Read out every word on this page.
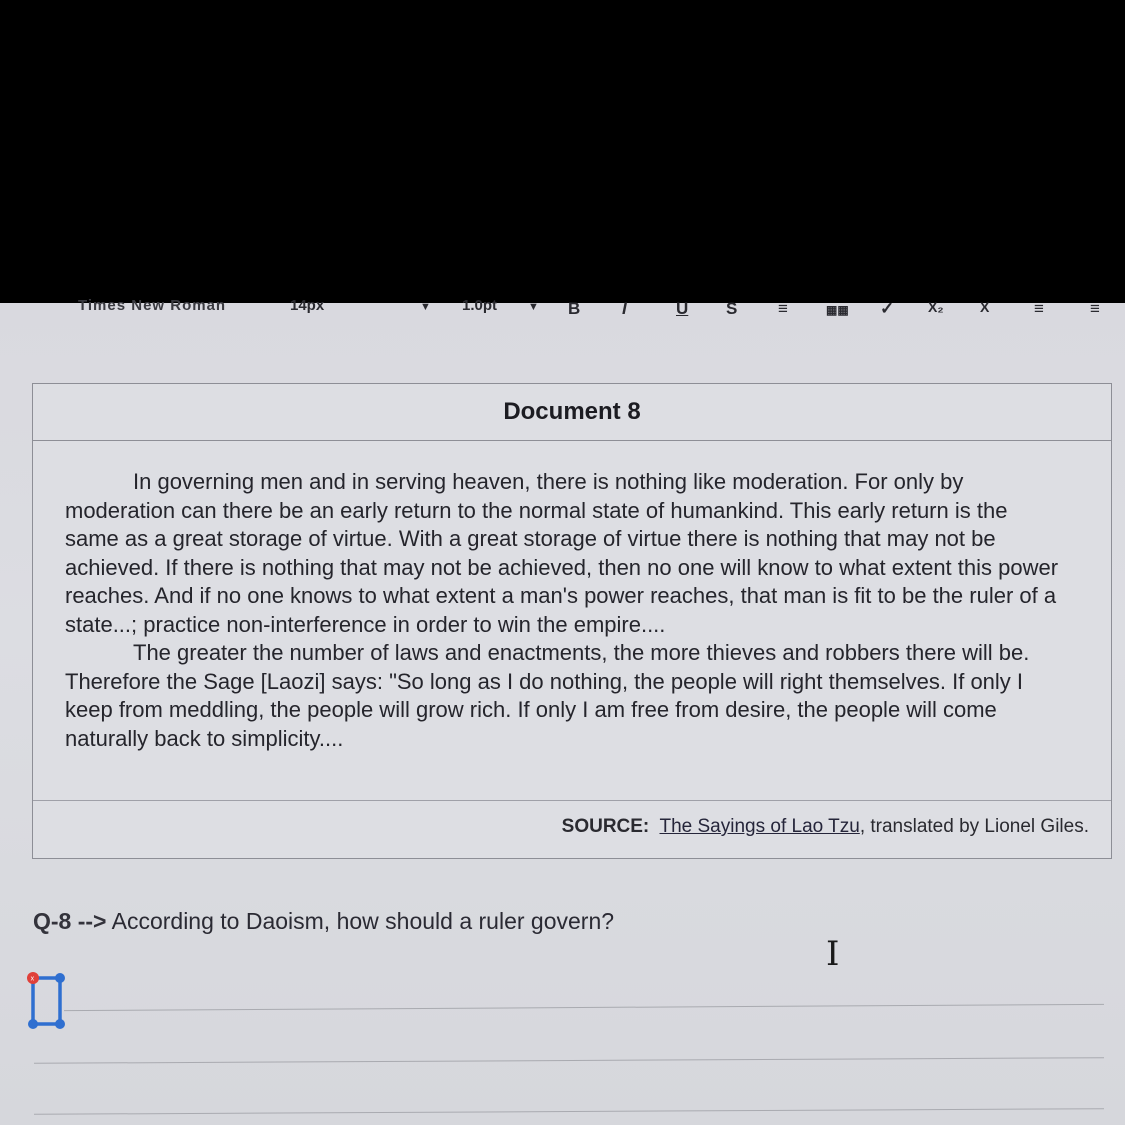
Times New Roman	14px	▼ 1.0pt	▼ B I	U S ≡	▦▦ ✓ X₂	X	≡	≡
Document 8

In governing men and in serving heaven, there is nothing like moderation. For only by moderation can there be an early return to the normal state of humankind. This early return is the same as a great storage of virtue. With a great storage of virtue there is nothing that may not be achieved. If there is nothing that may not be achieved, then no one will know to what extent this power reaches. And if no one knows to what extent a man's power reaches, that man is fit to be the ruler of a state...; practice non-interference in order to win the empire....

The greater the number of laws and enactments, the more thieves and robbers there will be. Therefore the Sage [Laozi] says: "So long as I do nothing, the people will right themselves. If only I keep from meddling, the people will grow rich. If only I am free from desire, the people will come naturally back to simplicity....

SOURCE: The Sayings of Lao Tzu, translated by Lionel Giles.
Q-8 --> According to Daoism, how should a ruler govern?
I
x
